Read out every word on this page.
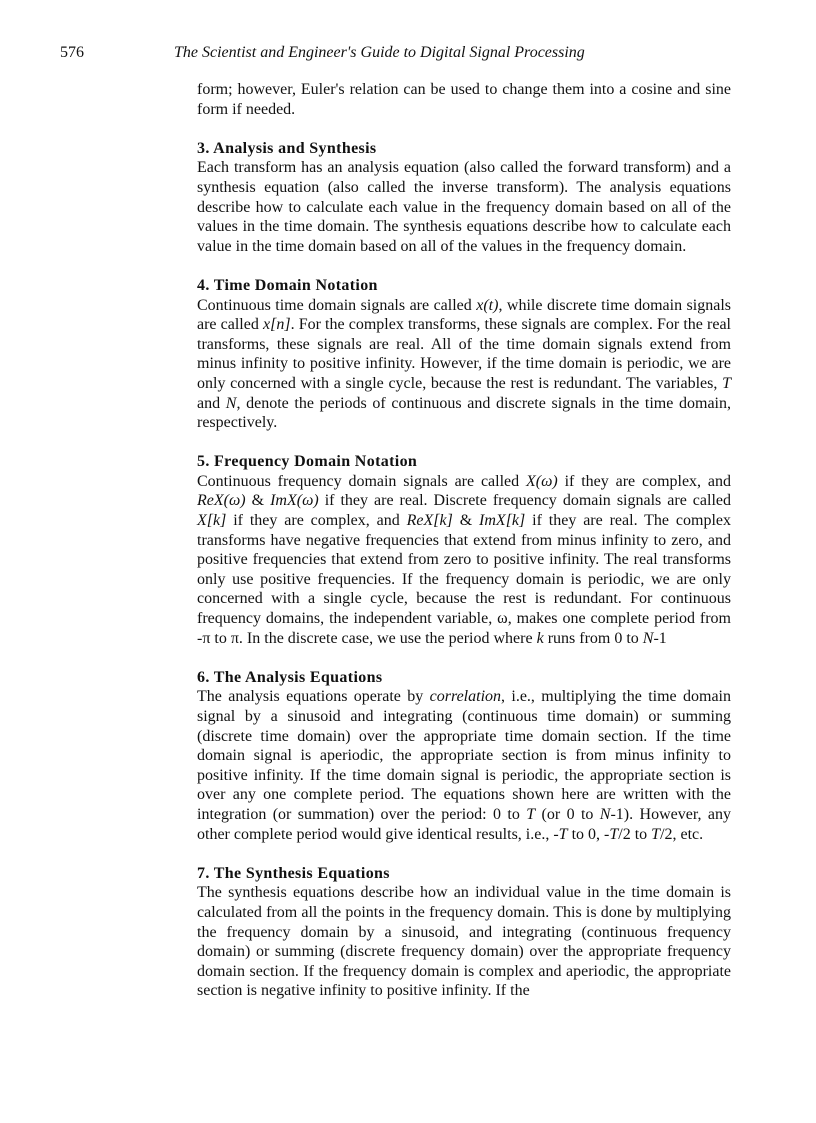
576	The Scientist and Engineer's Guide to Digital Signal Processing

form; however, Euler's relation can be used to change them into a cosine and sine form if needed.

3. Analysis and Synthesis

Each transform has an analysis equation (also called the forward transform) and a synthesis equation (also called the inverse transform). The analysis equations describe how to calculate each value in the frequency domain based on all of the values in the time domain. The synthesis equations describe how to calculate each value in the time domain based on all of the values in the frequency domain.

4. Time Domain Notation

Continuous time domain signals are called x(t), while discrete time domain signals are called x[n]. For the complex transforms, these signals are complex. For the real transforms, these signals are real. All of the time domain signals extend from minus infinity to positive infinity. However, if the time domain is periodic, we are only concerned with a single cycle, because the rest is redundant. The variables, T and N, denote the periods of continuous and discrete signals in the time domain, respectively.

5. Frequency Domain Notation

Continuous frequency domain signals are called X(ω) if they are complex, and ReX(ω) & ImX(ω) if they are real. Discrete frequency domain signals are called X[k] if they are complex, and ReX[k] & ImX[k] if they are real. The complex transforms have negative frequencies that extend from minus infinity to zero, and positive frequencies that extend from zero to positive infinity. The real transforms only use positive frequencies. If the frequency domain is periodic, we are only concerned with a single cycle, because the rest is redundant. For continuous frequency domains, the independent variable, ω, makes one complete period from -π to π. In the discrete case, we use the period where k runs from 0 to N-1

6. The Analysis Equations

The analysis equations operate by correlation, i.e., multiplying the time domain signal by a sinusoid and integrating (continuous time domain) or summing (discrete time domain) over the appropriate time domain section. If the time domain signal is aperiodic, the appropriate section is from minus infinity to positive infinity. If the time domain signal is periodic, the appropriate section is over any one complete period. The equations shown here are written with the integration (or summation) over the period: 0 to T (or 0 to N-1). However, any other complete period would give identical results, i.e., -T to 0, -T/2 to T/2, etc.

7. The Synthesis Equations

The synthesis equations describe how an individual value in the time domain is calculated from all the points in the frequency domain. This is done by multiplying the frequency domain by a sinusoid, and integrating (continuous frequency domain) or summing (discrete frequency domain) over the appropriate frequency domain section. If the frequency domain is complex and aperiodic, the appropriate section is negative infinity to positive infinity. If the
